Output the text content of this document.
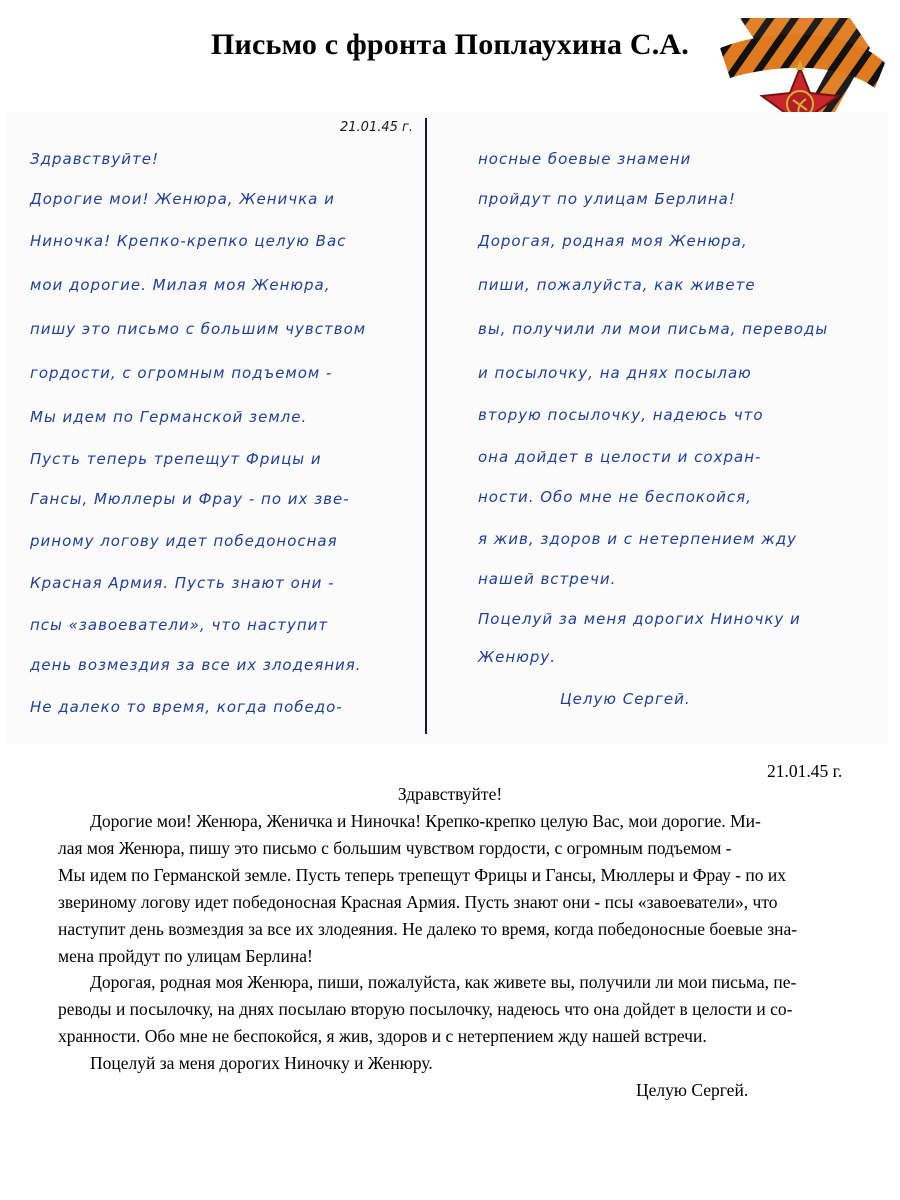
Письмо с фронта Поплаухина С.А.
21.01.45 г.
Здравствуйте!
Дорогие мои! Женюра, Женичка и
Ниночка! Крепко-крепко целую Вас
мои дорогие. Милая моя Женюра,
пишу это письмо с большим чувством
гордости, с огромным подъемом -
Мы идем по Германской земле.
Пусть теперь трепещут Фрицы и
Гансы, Мюллеры и Фрау - по их зве-
риному логову идет победоносная
Красная Армия. Пусть знают они -
псы «завоеватели», что наступит
день возмездия за все их злодеяния.
Не далеко то время, когда победо-
носные боевые знамени
пройдут по улицам Берлина!
Дорогая, родная моя Женюра,
пиши, пожалуйста, как живете
вы, получили ли мои письма, переводы
и посылочку, на днях посылаю
вторую посылочку, надеюсь что
она дойдет в целости и сохран-
ности. Обо мне не беспокойся,
я жив, здоров и с нетерпением жду
нашей встречи.
Поцелуй за меня дорогих Ниночку и
Женюру.
Целую Сергей.
21.01.45 г.
Здравствуйте!
Дорогие мои! Женюра, Женичка и Ниночка! Крепко-крепко целую Вас, мои дорогие. Ми-
лая моя Женюра, пишу это письмо с большим чувством гордости, с огромным подъемом -
Мы идем по Германской земле. Пусть теперь трепещут Фрицы и Гансы, Мюллеры и Фрау - по их
звериному логову идет победоносная Красная Армия. Пусть знают они - псы «завоеватели», что
наступит день возмездия за все их злодеяния. Не далеко то время, когда победоносные боевые зна-
мена пройдут по улицам Берлина!
Дорогая, родная моя Женюра, пиши, пожалуйста, как живете вы, получили ли мои письма, пе-
реводы и посылочку, на днях посылаю вторую посылочку, надеюсь что она дойдет в целости и со-
хранности. Обо мне не беспокойся, я жив, здоров и с нетерпением жду нашей встречи.
Поцелуй за меня дорогих Ниночку и Женюру.
Целую Сергей.
